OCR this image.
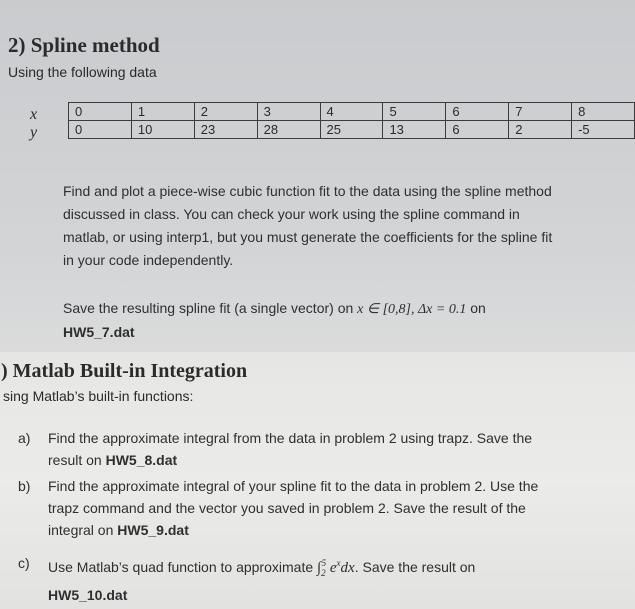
2) Spline method
Using the following data
x
y
0	1	2	3	4	5	6	7	8
0	10	23	28	25	13	6	2	-5
Find and plot a piece-wise cubic function fit to the data using the spline method
discussed in class. You can check your work using the spline command in
matlab, or using interp1, but you must generate the coefficients for the spline fit
in your code independently.
Save the resulting spline fit (a single vector) on x ∈ [0,8], Δx = 0.1 on
HW5_7.dat
) Matlab Built-in Integration
sing Matlab’s built-in functions:
a)	Find the approximate integral from the data in problem 2 using trapz. Save the
result on HW5_8.dat
b)	Find the approximate integral of your spline fit to the data in problem 2. Use the
trapz command and the vector you saved in problem 2. Save the result of the
integral on HW5_9.dat
c)	Use Matlab’s quad function to approximate $\int_2^5$ $e^xdx$. Save the result on
HW5_10.dat
